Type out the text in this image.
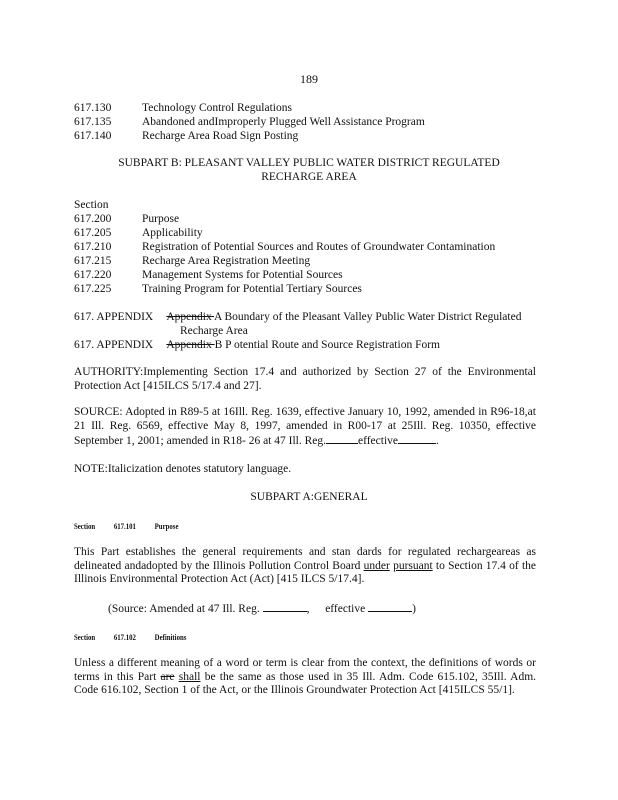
189
617.130	Technology Control Regulations
617.135	Abandoned andImproperly Plugged Well Assistance Program
617.140	Recharge Area Road Sign Posting
SUBPART B: PLEASANT VALLEY PUBLIC WATER DISTRICT REGULATED
RECHARGE AREA
Section
617.200	Purpose
617.205	Applicability
617.210	Registration of Potential Sources and Routes of Groundwater Contamination
617.215	Recharge Area Registration Meeting
617.220	Management Systems for Potential Sources
617.225	Training Program for Potential Tertiary Sources
617. APPENDIX Appendix A Boundary of the Pleasant Valley Public Water District Regulated
Recharge Area
617. APPENDIX Appendix B P otential Route and Source Registration Form
AUTHORITY:Implementing Section 17.4 and authorized by Section 27 of the Environmental Protection Act [415ILCS 5/17.4 and 27].
SOURCE: Adopted in R89-5 at 16Ill. Reg. 1639, effective January 10, 1992, amended in R96-18,at 21 Ill. Reg. 6569, effective May 8, 1997, amended in R00-17 at 25Ill. Reg. 10350, effective September 1, 2001; amended in R18- 26 at 47 Ill. Reg.	effective	.
NOTE:Italicization denotes statutory language.
SUBPART A:GENERAL
Section 617.101 Purpose
This Part establishes the general requirements and stan dards for regulated rechargeareas as delineated andadopted by the Illinois Pollution Control Board under pursuant to Section 17.4 of the Illinois Environmental Protection Act (Act) [415 ILCS 5/17.4].
(Source: Amended at 47 Ill. Reg.	,  effective	)
Section 617.102 Definitions
Unless a different meaning of a word or term is clear from the context, the definitions of words or terms in this Part are shall be the same as those used in 35 Ill. Adm. Code 615.102, 35Ill. Adm. Code 616.102, Section 1 of the Act, or the Illinois Groundwater Protection Act [415ILCS 55/1].
